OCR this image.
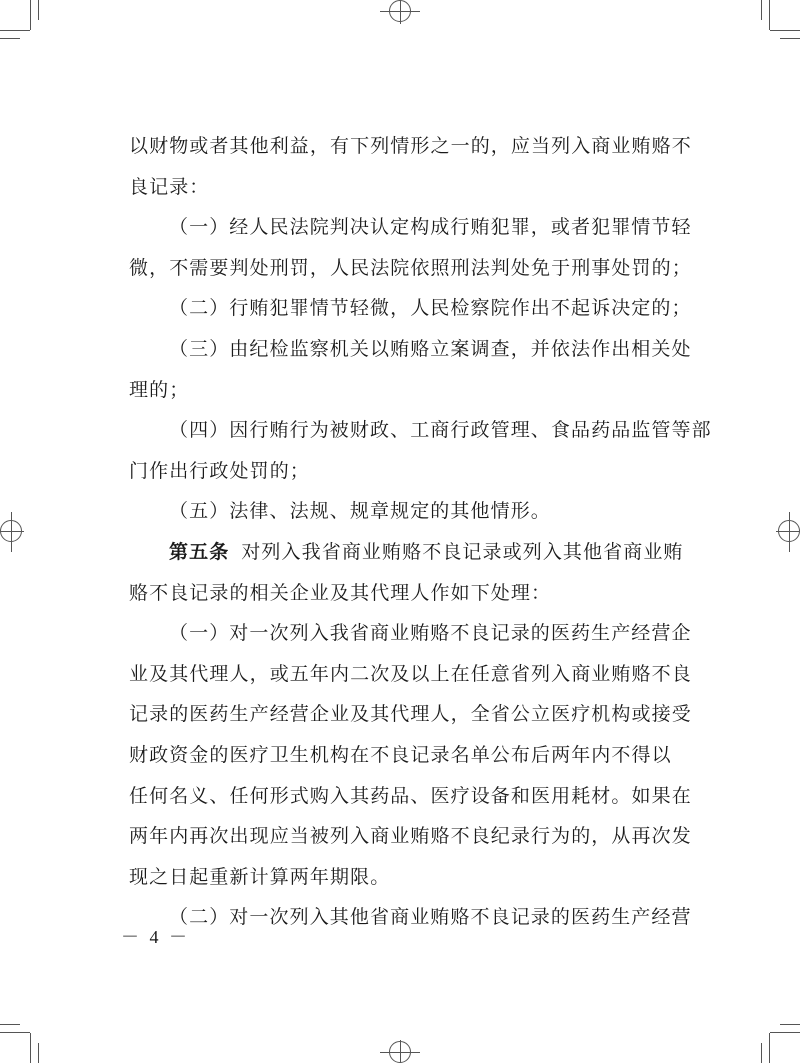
以财物或者其他利益，有下列情形之一的，应当列入商业贿赂不
良记录：
（一）经人民法院判决认定构成行贿犯罪，或者犯罪情节轻
微，不需要判处刑罚，人民法院依照刑法判处免于刑事处罚的；
（二）行贿犯罪情节轻微，人民检察院作出不起诉决定的；
（三）由纪检监察机关以贿赂立案调查，并依法作出相关处
理的；
（四）因行贿行为被财政、工商行政管理、食品药品监管等部
门作出行政处罚的；
（五）法律、法规、规章规定的其他情形。
第五条 对列入我省商业贿赂不良记录或列入其他省商业贿
赂不良记录的相关企业及其代理人作如下处理：
（一）对一次列入我省商业贿赂不良记录的医药生产经营企
业及其代理人，或五年内二次及以上在任意省列入商业贿赂不良
记录的医药生产经营企业及其代理人，全省公立医疗机构或接受
财政资金的医疗卫生机构在不良记录名单公布后两年内不得以
任何名义、任何形式购入其药品、医疗设备和医用耗材。如果在
两年内再次出现应当被列入商业贿赂不良纪录行为的，从再次发
现之日起重新计算两年期限。
（二）对一次列入其他省商业贿赂不良记录的医药生产经营
－ 4 －
